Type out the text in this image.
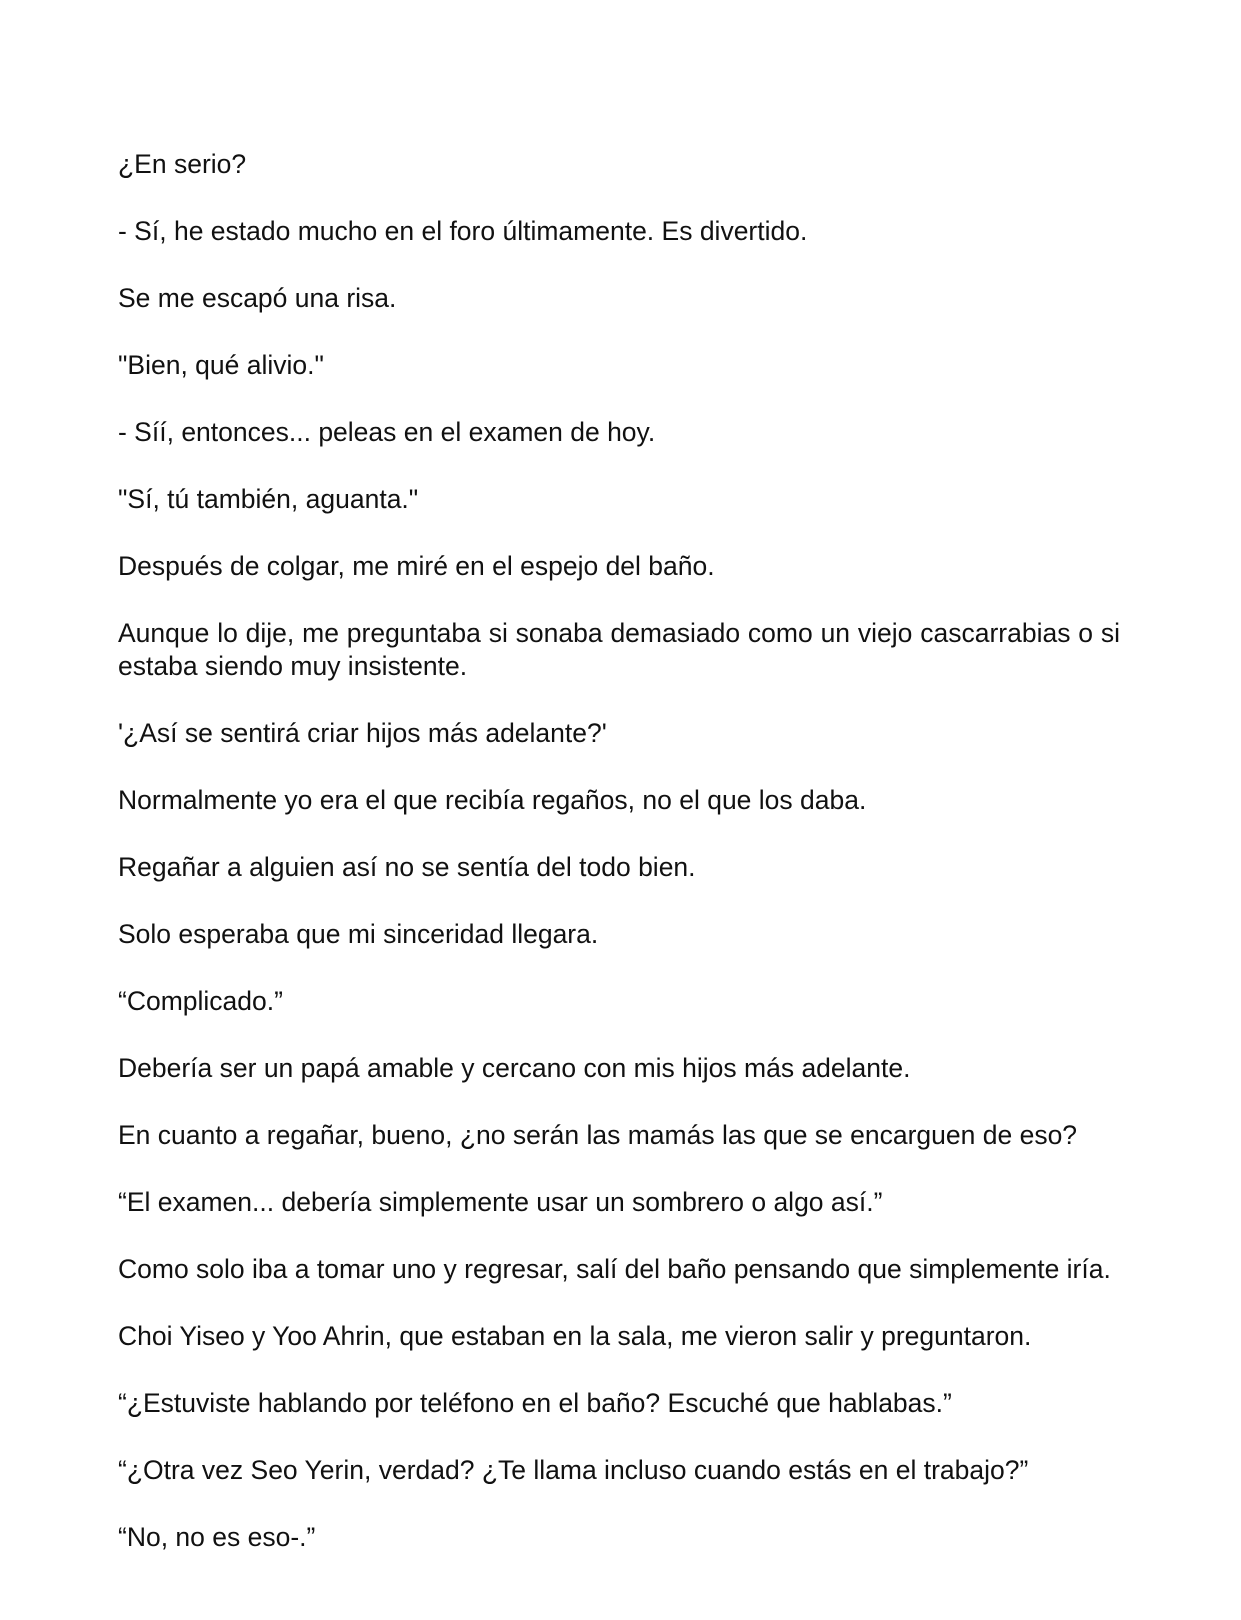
¿En serio?

- Sí, he estado mucho en el foro últimamente. Es divertido.

Se me escapó una risa.

"Bien, qué alivio."

- Síí, entonces... peleas en el examen de hoy.

"Sí, tú también, aguanta."

Después de colgar, me miré en el espejo del baño.

Aunque lo dije, me preguntaba si sonaba demasiado como un viejo cascarrabias o si estaba siendo muy insistente.

'¿Así se sentirá criar hijos más adelante?'

Normalmente yo era el que recibía regaños, no el que los daba.

Regañar a alguien así no se sentía del todo bien.

Solo esperaba que mi sinceridad llegara.

“Complicado.”

Debería ser un papá amable y cercano con mis hijos más adelante.

En cuanto a regañar, bueno, ¿no serán las mamás las que se encarguen de eso?

“El examen... debería simplemente usar un sombrero o algo así.”

Como solo iba a tomar uno y regresar, salí del baño pensando que simplemente iría.

Choi Yiseo y Yoo Ahrin, que estaban en la sala, me vieron salir y preguntaron.

“¿Estuviste hablando por teléfono en el baño? Escuché que hablabas.”

“¿Otra vez Seo Yerin, verdad? ¿Te llama incluso cuando estás en el trabajo?”

“No, no es eso-.”
